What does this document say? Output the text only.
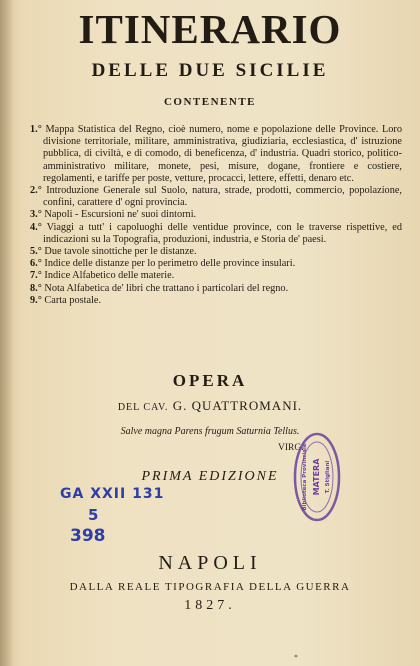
ITINERARIO
DELLE DUE SICILIE
CONTENENTE
1.° Mappa Statistica del Regno, cioè numero, nome e popolazione delle Province. Loro divisione territoriale, militare, amministrativa, giudiziaria, ecclesiastica, d' istruzione pubblica, di civiltà, e di comodo, di beneficenza, d' industria. Quadri storico, politico-amministrativo militare, monete, pesi, misure, dogane, frontiere e costiere, regolamenti, e tariffe per poste, vetture, procacci, lettere, effetti, denaro etc.
2.° Introduzione Generale sul Suolo, natura, strade, prodotti, commercio, popolazione, confini, carattere d' ogni provincia.
3.° Napoli - Escursioni ne' suoi dintorni.
4.° Viaggi a tutt' i capoluoghi delle ventidue province, con le traverse rispettive, ed indicazioni su la Topografia, produzioni, industria, e Storia de' paesi.
5.° Due tavole sinottiche per le distanze.
6.° Indice delle distanze per lo perimetro delle province insulari.
7.° Indice Alfabetico delle materie.
8.° Nota Alfabetica de' libri che trattano i particolari del regno.
9.° Carta postale.
OPERA
DEL CAV. G. QUATTROMANI.
Salve magna Parens frugum Saturnia Tellus.
VIRG.
PRIMA EDIZIONE
GA XXII 131
5
398
Biblioteca Provinciale MATERA T. Stigliani
NAPOLI
DALLA REALE TIPOGRAFIA DELLA GUERRA
1827.
*
